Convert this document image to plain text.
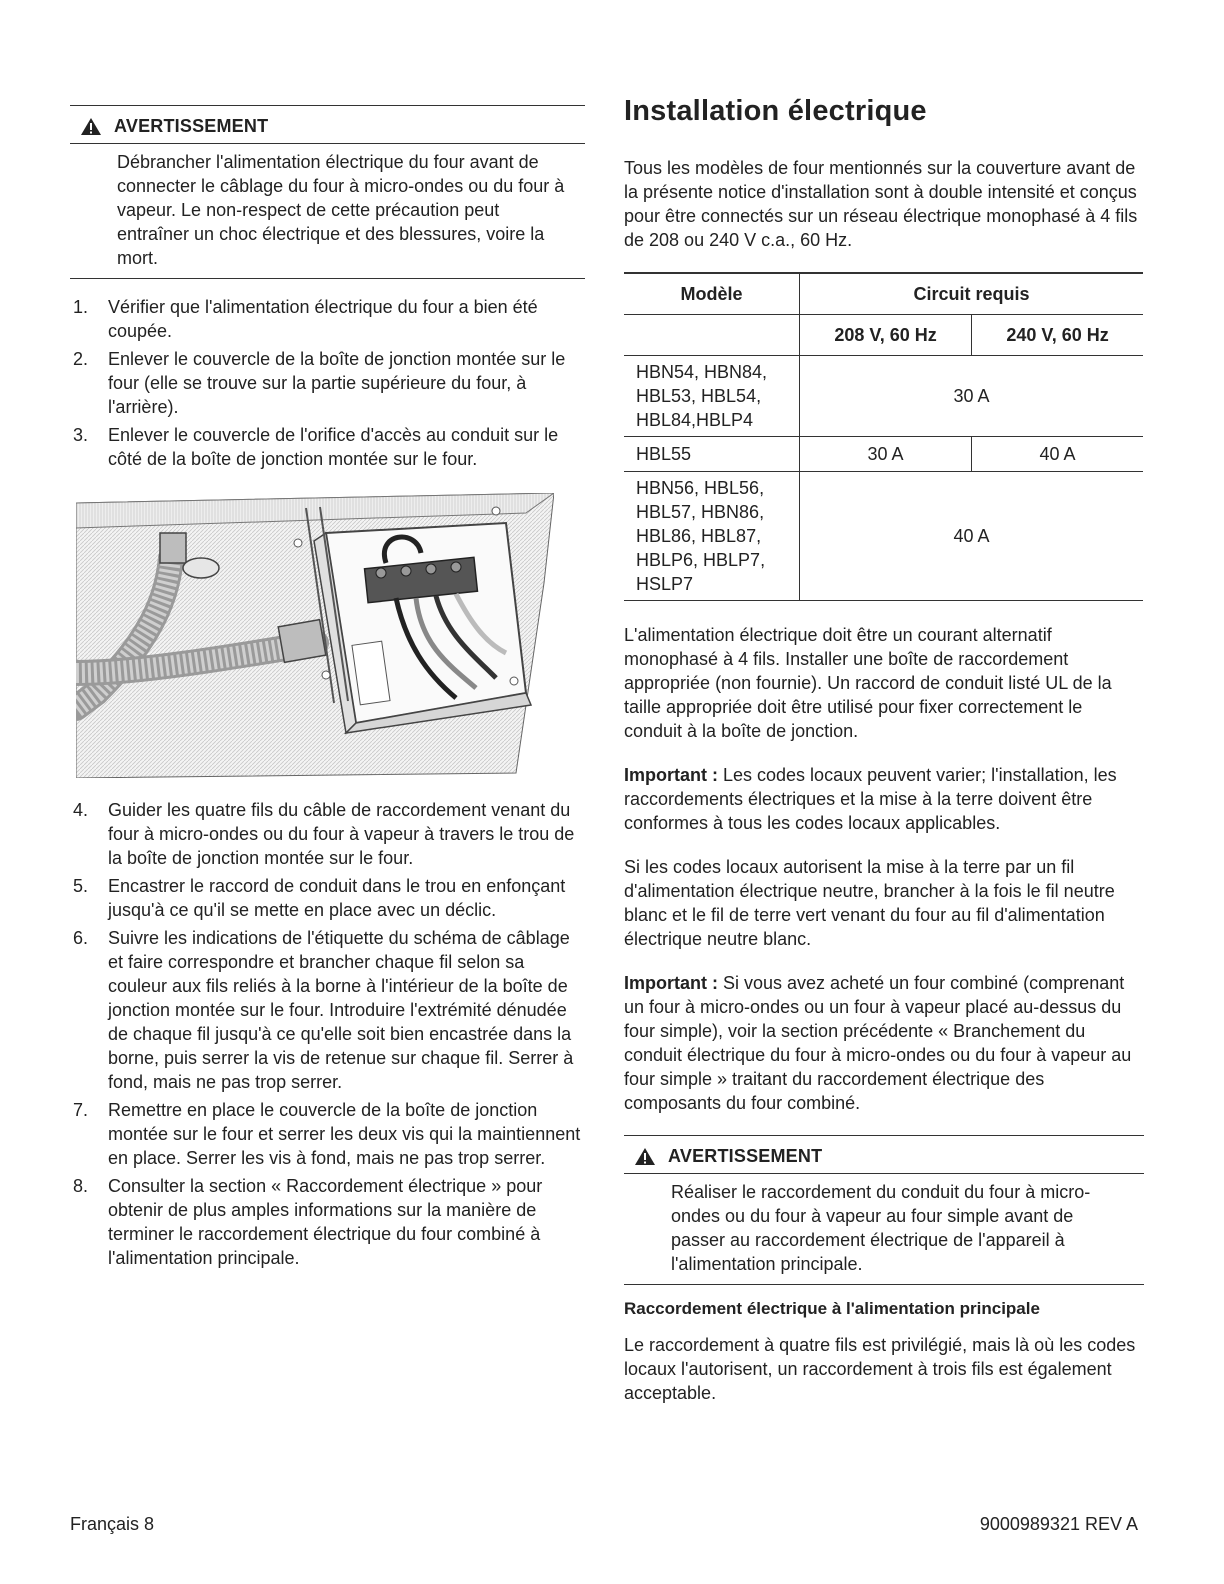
AVERTISSEMENT

Débrancher l'alimentation électrique du four avant de connecter le câblage du four à micro-ondes ou du four à vapeur. Le non-respect de cette précaution peut entraîner un choc électrique et des blessures, voire la mort.

1. Vérifier que l'alimentation électrique du four a bien été coupée.
2. Enlever le couvercle de la boîte de jonction montée sur le four (elle se trouve sur la partie supérieure du four, à l'arrière).
3. Enlever le couvercle de l'orifice d'accès au conduit sur le côté de la boîte de jonction montée sur le four.
4. Guider les quatre fils du câble de raccordement venant du four à micro-ondes ou du four à vapeur à travers le trou de la boîte de jonction montée sur le four.
5. Encastrer le raccord de conduit dans le trou en enfonçant jusqu'à ce qu'il se mette en place avec un déclic.
6. Suivre les indications de l'étiquette du schéma de câblage et faire correspondre et brancher chaque fil selon sa couleur aux fils reliés à la borne à l'intérieur de la boîte de jonction montée sur le four. Introduire l'extrémité dénudée de chaque fil jusqu'à ce qu'elle soit bien encastrée dans la borne, puis serrer la vis de retenue sur chaque fil. Serrer à fond, mais ne pas trop serrer.
7. Remettre en place le couvercle de la boîte de jonction montée sur le four et serrer les deux vis qui la maintiennent en place. Serrer les vis à fond, mais ne pas trop serrer.
8. Consulter la section « Raccordement électrique » pour obtenir de plus amples informations sur la manière de terminer le raccordement électrique du four combiné à l'alimentation principale.
Installation électrique

Tous les modèles de four mentionnés sur la couverture avant de la présente notice d'installation sont à double intensité et conçus pour être connectés sur un réseau électrique monophasé à 4 fils de 208 ou 240 V c.a., 60 Hz.

Modèle	Circuit requis	
	208 V, 60 Hz	240 V, 60 Hz
HBN54, HBN84, HBL53, HBL54, HBL84,HBLP4	30 A	
HBL55	30 A	40 A
HBN56, HBL56, HBL57, HBN86, HBL86, HBL87, HBLP6, HBLP7, HSLP7	40 A	

L'alimentation électrique doit être un courant alternatif monophasé à 4 fils. Installer une boîte de raccordement appropriée (non fournie). Un raccord de conduit listé UL de la taille appropriée doit être utilisé pour fixer correctement le conduit à la boîte de jonction.

Important : Les codes locaux peuvent varier; l'installation, les raccordements électriques et la mise à la terre doivent être conformes à tous les codes locaux applicables.

Si les codes locaux autorisent la mise à la terre par un fil d'alimentation électrique neutre, brancher à la fois le fil neutre blanc et le fil de terre vert venant du four au fil d'alimentation électrique neutre blanc.

Important : Si vous avez acheté un four combiné (comprenant un four à micro-ondes ou un four à vapeur placé au-dessus du four simple), voir la section précédente « Branchement du conduit électrique du four à micro-ondes ou du four à vapeur au four simple » traitant du raccordement électrique des composants du four combiné.

AVERTISSEMENT

Réaliser le raccordement du conduit du four à micro-ondes ou du four à vapeur au four simple avant de passer au raccordement électrique de l'appareil à l'alimentation principale.

Raccordement électrique à l'alimentation principale

Le raccordement à quatre fils est privilégié, mais là où les codes locaux l'autorisent, un raccordement à trois fils est également acceptable.

Français 8	9000989321 REV A
